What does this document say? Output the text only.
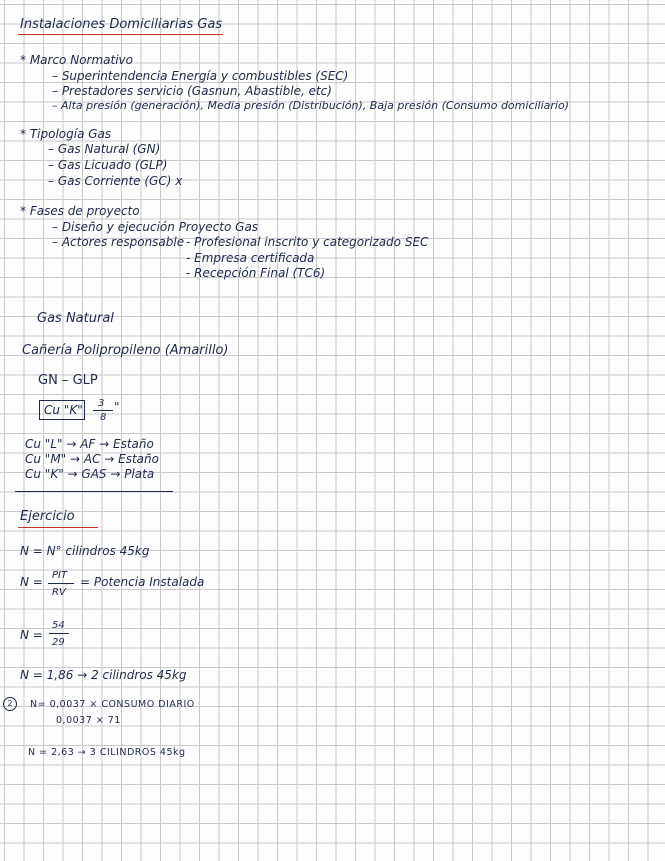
Instalaciones Domiciliarias Gas
* Marco Normativo
– Superintendencia Energía y combustibles (SEC)
– Prestadores servicio (Gasnun, Abastible, etc)
– Alta presión (generación), Media presión (Distribución), Baja presión (Consumo domiciliario)
* Tipología Gas
– Gas Natural (GN)
– Gas Licuado (GLP)
– Gas Corriente (GC) x
* Fases de proyecto
– Diseño y ejecución Proyecto Gas
– Actores responsable - Profesional inscrito y categorizado SEC
- Empresa certificada
- Recepción Final (TC6)
Gas Natural
Cañería Polipropileno (Amarillo)
GN – GLP
Cu "K" 3
8
"
Cu "L" → AF → Estaño
Cu "M" → AC → Estaño
Cu "K" → GAS → Plata
Ejercicio
N = N° cilindros 45kg
N = PIT
RV
= Potencia Instalada
N =
54
29
N = 1,86 → 2 cilindros 45kg
2	N= 0,0037 × CONSUMO DIARIO
0,0037 × 71
N = 2,63 → 3 CILINDROS 45kg
